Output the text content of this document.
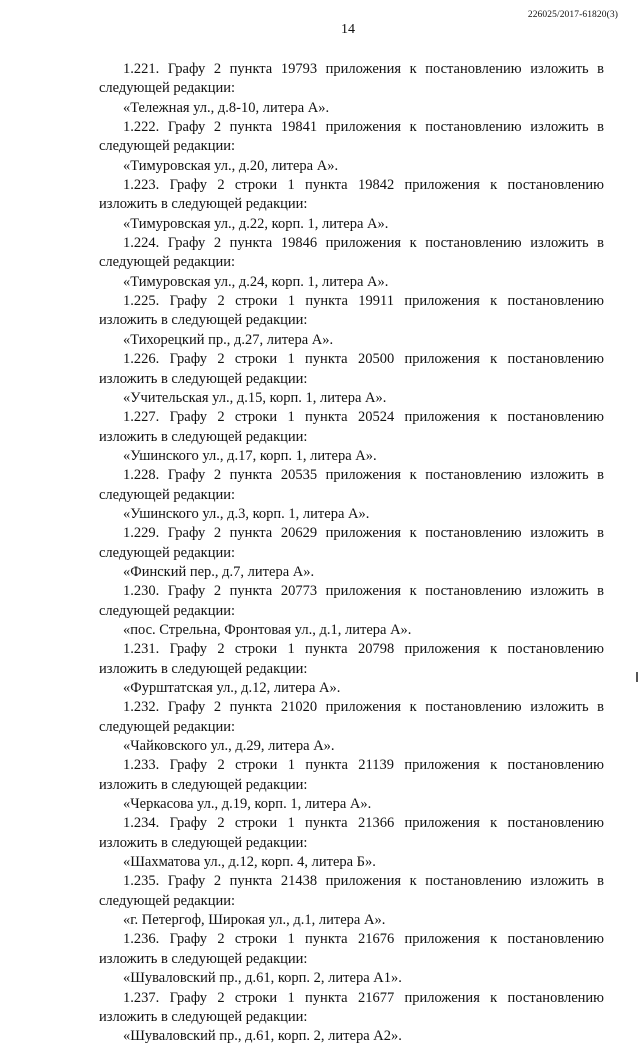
226025/2017-61820(3)
14

1.221. Графу 2 пункта 19793 приложения к постановлению изложить в следующей редакции:

«Тележная ул., д.8-10, литера А».

1.222. Графу 2 пункта 19841 приложения к постановлению изложить в следующей редакции:

«Тимуровская ул., д.20, литера А».

1.223. Графу 2 строки 1 пункта 19842 приложения к постановлению изложить в следующей редакции:

«Тимуровская ул., д.22, корп. 1, литера А».

1.224. Графу 2 пункта 19846 приложения к постановлению изложить в следующей редакции:

«Тимуровская ул., д.24, корп. 1, литера А».

1.225. Графу 2 строки 1 пункта 19911 приложения к постановлению изложить в следующей редакции:

«Тихорецкий пр., д.27, литера А».

1.226. Графу 2 строки 1 пункта 20500 приложения к постановлению изложить в следующей редакции:

«Учительская ул., д.15, корп. 1, литера А».

1.227. Графу 2 строки 1 пункта 20524 приложения к постановлению изложить в следующей редакции:

«Ушинского ул., д.17, корп. 1, литера А».

1.228. Графу 2 пункта 20535 приложения к постановлению изложить в следующей редакции:

«Ушинского ул., д.3, корп. 1, литера А».

1.229. Графу 2 пункта 20629 приложения к постановлению изложить в следующей редакции:

«Финский пер., д.7, литера А».

1.230. Графу 2 пункта 20773 приложения к постановлению изложить в следующей редакции:

«пос. Стрельна, Фронтовая ул., д.1, литера А».

1.231. Графу 2 строки 1 пункта 20798 приложения к постановлению изложить в следующей редакции:

«Фурштатская ул., д.12, литера А».

1.232. Графу 2 пункта 21020 приложения к постановлению изложить в следующей редакции:

«Чайковского ул., д.29, литера А».

1.233. Графу 2 строки 1 пункта 21139 приложения к постановлению изложить в следующей редакции:

«Черкасова ул., д.19, корп. 1, литера А».

1.234. Графу 2 строки 1 пункта 21366 приложения к постановлению изложить в следующей редакции:

«Шахматова ул., д.12, корп. 4, литера Б».

1.235. Графу 2 пункта 21438 приложения к постановлению изложить в следующей редакции:

«г. Петергоф, Широкая ул., д.1, литера А».

1.236. Графу 2 строки 1 пункта 21676 приложения к постановлению изложить в следующей редакции:

«Шуваловский пр., д.61, корп. 2, литера А1».

1.237. Графу 2 строки 1 пункта 21677 приложения к постановлению изложить в следующей редакции:

«Шуваловский пр., д.61, корп. 2, литера А2».
